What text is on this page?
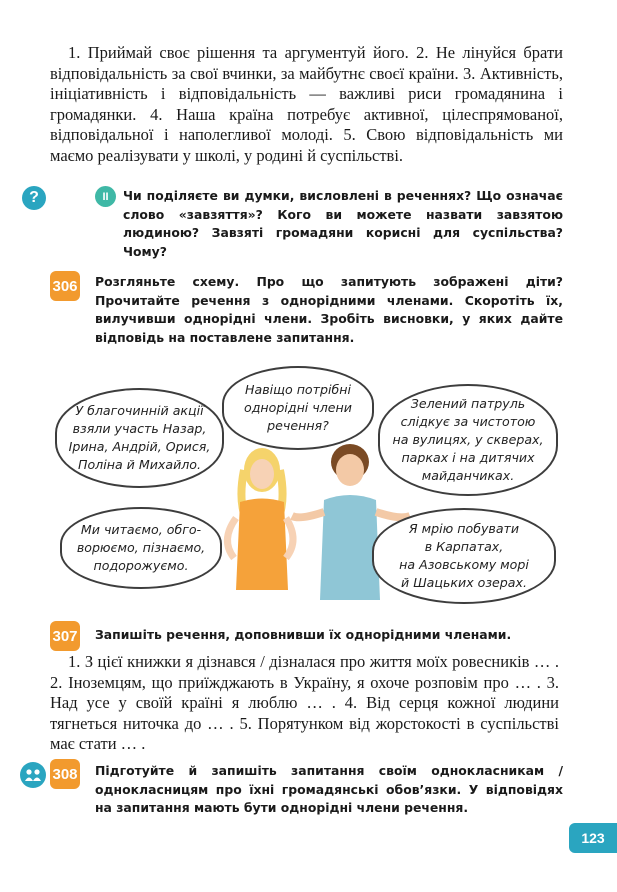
1. Приймай своє рішення та аргументуй його. 2. Не лінуйся брати відповідальність за свої вчинки, за майбутнє своєї країни. 3. Активність, ініціативність і відповідальність — важливі риси громадянина і громадянки. 4. Наша країна потребує активної, цілеспрямованої, відповідальної і наполегливої молоді. 5. Свою відповідальність ми маємо реалізувати у школі, у родині й суспільстві.
?	II	Чи поділяєте ви думки, висловлені в реченнях? Що означає слово «завзяття»? Кого ви можете назвати завзятою людиною? Завзяті громадяни корисні для суспільства? Чому?
306 Розгляньте схему. Про що запитують зображені діти? Прочитайте речення з однорідними членами. Скоротіть їх, вилучивши однорідні члени. Зробіть висновки, у яких дайте відповідь на поставлене запитання.
Навіщо потрібні
однорідні члени
речення?
У благочинній акції
взяли участь Назар,
Ірина, Андрій, Орися,
Поліна й Михайло.
Зелений патруль
слідкує за чистотою
на вулицях, у скверах,
парках і на дитячих
майданчиках.
Ми читаємо, обго-
ворюємо, пізнаємо,
подорожуємо.
Я мрію побувати
в Карпатах,
на Азовському морі
й Шацьких озерах.
307 Запишіть речення, доповнивши їх однорідними членами.
1. З цієї книжки я дізнався / дізналася про життя моїх ровесників … . 2. Іноземцям, що приїжджають в Україну, я охоче розповім про … . 3. Над усе у своїй країні я люблю … . 4. Від серця кожної людини тягнеться ниточка до … . 5. Порятунком від жорстокості в суспільстві має стати … .
308 Підготуйте й запишіть запитання своїм однокласникам / однокласницям про їхні громадянські обов’язки. У відповідях на запитання мають бути однорідні члени речення.
123
